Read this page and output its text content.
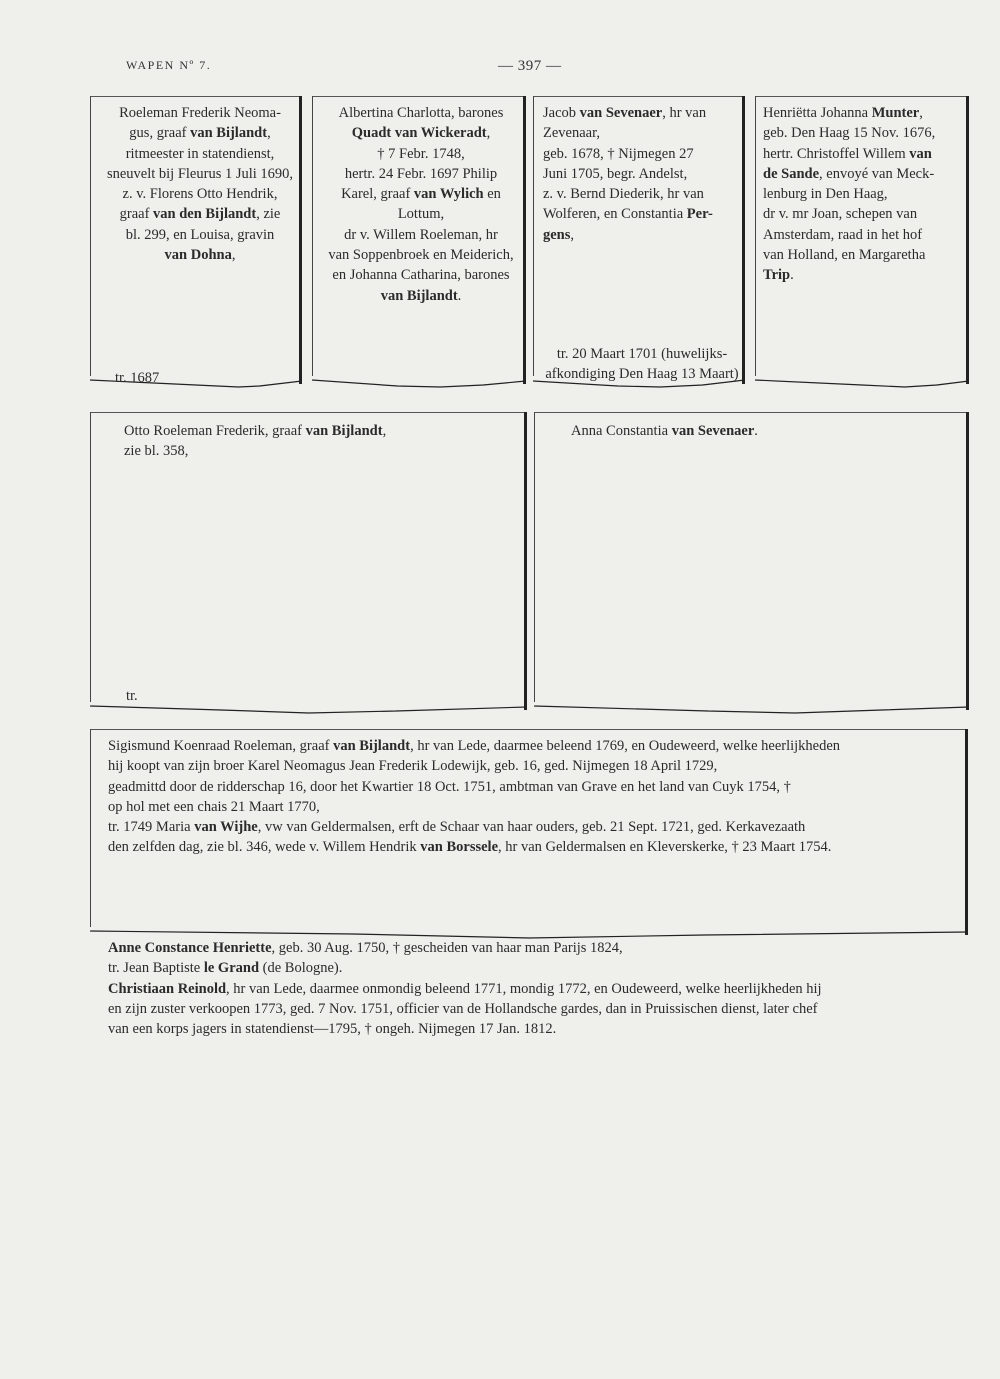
WAPEN Nº 7.	— 397 —

Roeleman Frederik Neoma-

gus, graaf van Bijlandt,

ritmeester in statendienst,

sneuvelt bij Fleurus 1 Juli 1690,

z. v. Florens Otto Hendrik,

graaf van den Bijlandt, zie

bl. 299, en Louisa, gravin

van Dohna,

tr. 1687

Albertina Charlotta, barones

Quadt van Wickeradt,

† 7 Febr. 1748,

hertr. 24 Febr. 1697 Philip

Karel, graaf van Wylich en

Lottum,

dr v. Willem Roeleman, hr

van Soppenbroek en Meiderich,

en Johanna Catharina, barones

van Bijlandt.

Jacob van Sevenaer, hr van

Zevenaar,

geb. 1678, † Nijmegen 27

Juni 1705, begr. Andelst,

z. v. Bernd Diederik, hr van

Wolferen, en Constantia Per-

gens,

tr. 20 Maart 1701 (huwelijks-

afkondiging Den Haag 13 Maart)

Henriëtta Johanna Munter,

geb. Den Haag 15 Nov. 1676,

hertr. Christoffel Willem van

de Sande, envoyé van Meck-

lenburg in Den Haag,

dr v. mr Joan, schepen van

Amsterdam, raad in het hof

van Holland, en Margaretha

Trip.

Otto Roeleman Frederik, graaf van Bijlandt,

zie bl. 358,

tr.

Anna Constantia van Sevenaer.

Sigismund Koenraad Roeleman, graaf van Bijlandt, hr van Lede, daarmee beleend 1769, en Oudeweerd, welke heerlijkheden

hij koopt van zijn broer Karel Neomagus Jean Frederik Lodewijk, geb. 16, ged. Nijmegen 18 April 1729,

geadmittd door de ridderschap 16, door het Kwartier 18 Oct. 1751, ambtman van Grave en het land van Cuyk 1754, †

op hol met een chais 21 Maart 1770,

tr. 1749 Maria van Wijhe, vw van Geldermalsen, erft de Schaar van haar ouders, geb. 21 Sept. 1721, ged. Kerkavezaath

den zelfden dag, zie bl. 346, wede v. Willem Hendrik van Borssele, hr van Geldermalsen en Kleverskerke, † 23 Maart 1754.

Anne Constance Henriette, geb. 30 Aug. 1750, † gescheiden van haar man Parijs 1824,

tr. Jean Baptiste le Grand (de Bologne).

Christiaan Reinold, hr van Lede, daarmee onmondig beleend 1771, mondig 1772, en Oudeweerd, welke heerlijkheden hij

en zijn zuster verkoopen 1773, ged. 7 Nov. 1751, officier van de Hollandsche gardes, dan in Pruissischen dienst, later chef

van een korps jagers in statendienst—1795, † ongeh. Nijmegen 17 Jan. 1812.
